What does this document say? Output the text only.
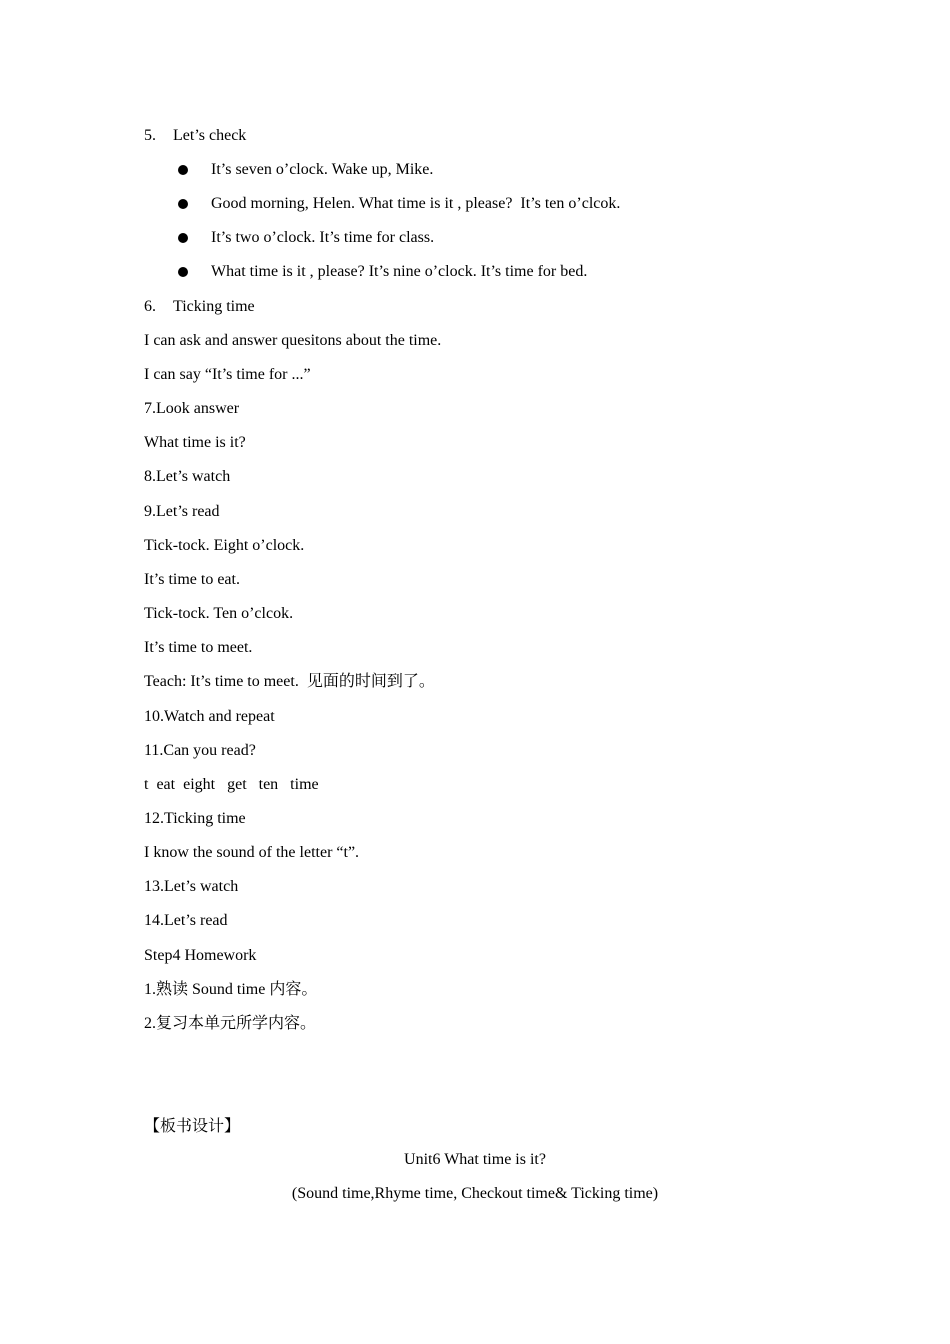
5.	Let’s check
It’s seven o’clock. Wake up, Mike.
Good morning, Helen. What time is it , please?  It’s ten o’clcok.
It’s two o’clock. It’s time for class.
What time is it , please? It’s nine o’clock. It’s time for bed.
6.	Ticking time
I can ask and answer quesitons about the time.
I can say “It’s time for ...”
7.Look answer
What time is it?
8.Let’s watch
9.Let’s read
Tick-tock. Eight o’clock.
It’s time to eat.
Tick-tock. Ten o’clcok.
It’s time to meet.
Teach: It’s time to meet.  见面的时间到了。
10.Watch and repeat
11.Can you read?
t  eat  eight   get   ten   time
12.Ticking time
I know the sound of the letter “t”.
13.Let’s watch
14.Let’s read
Step4 Homework
1.熟读 Sound time 内容。
2.复习本单元所学内容。
【板书设计】
Unit6 What time is it?
(Sound time,Rhyme time, Checkout time& Ticking time)
